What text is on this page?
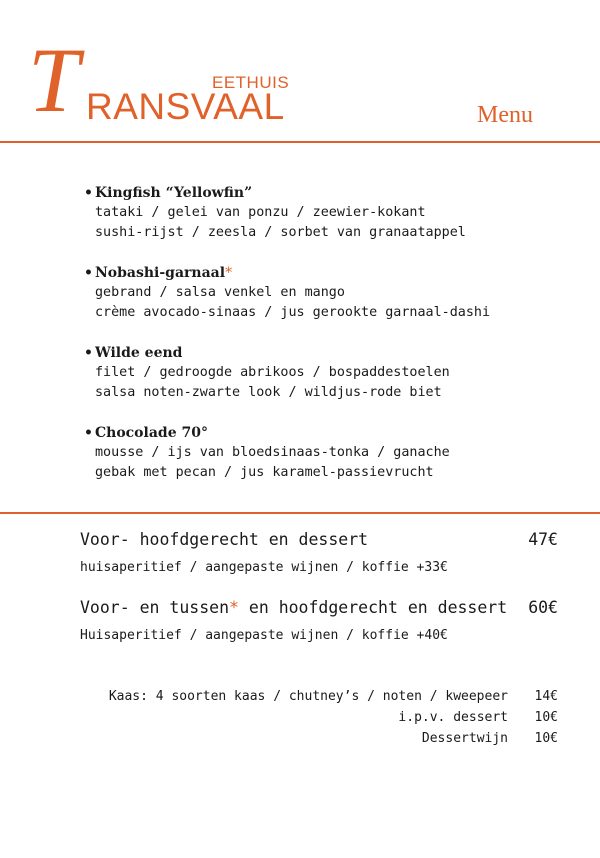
T	EETHUIS
RANSVAAL	Menu
• Kingfish “Yellowfin”
tataki / gelei van ponzu / zeewier-kokant
sushi-rijst / zeesla / sorbet van granaatappel
• Nobashi-garnaal*
gebrand / salsa venkel en mango
crème avocado-sinaas / jus gerookte garnaal-dashi
• Wilde eend
filet / gedroogde abrikoos / bospaddestoelen
salsa noten-zwarte look / wildjus-rode biet
• Chocolade 70°
mousse / ijs van bloedsinaas-tonka / ganache
gebak met pecan / jus karamel-passievrucht
Voor- hoofdgerecht en dessert	47€
huisaperitief / aangepaste wijnen / koffie +33€
Voor- en tussen* en hoofdgerecht en dessert 60€
Huisaperitief / aangepaste wijnen / koffie +40€
Kaas: 4 soorten kaas / chutney’s / noten / kweepeer 14€
i.p.v. dessert 10€
Dessertwijn 10€
